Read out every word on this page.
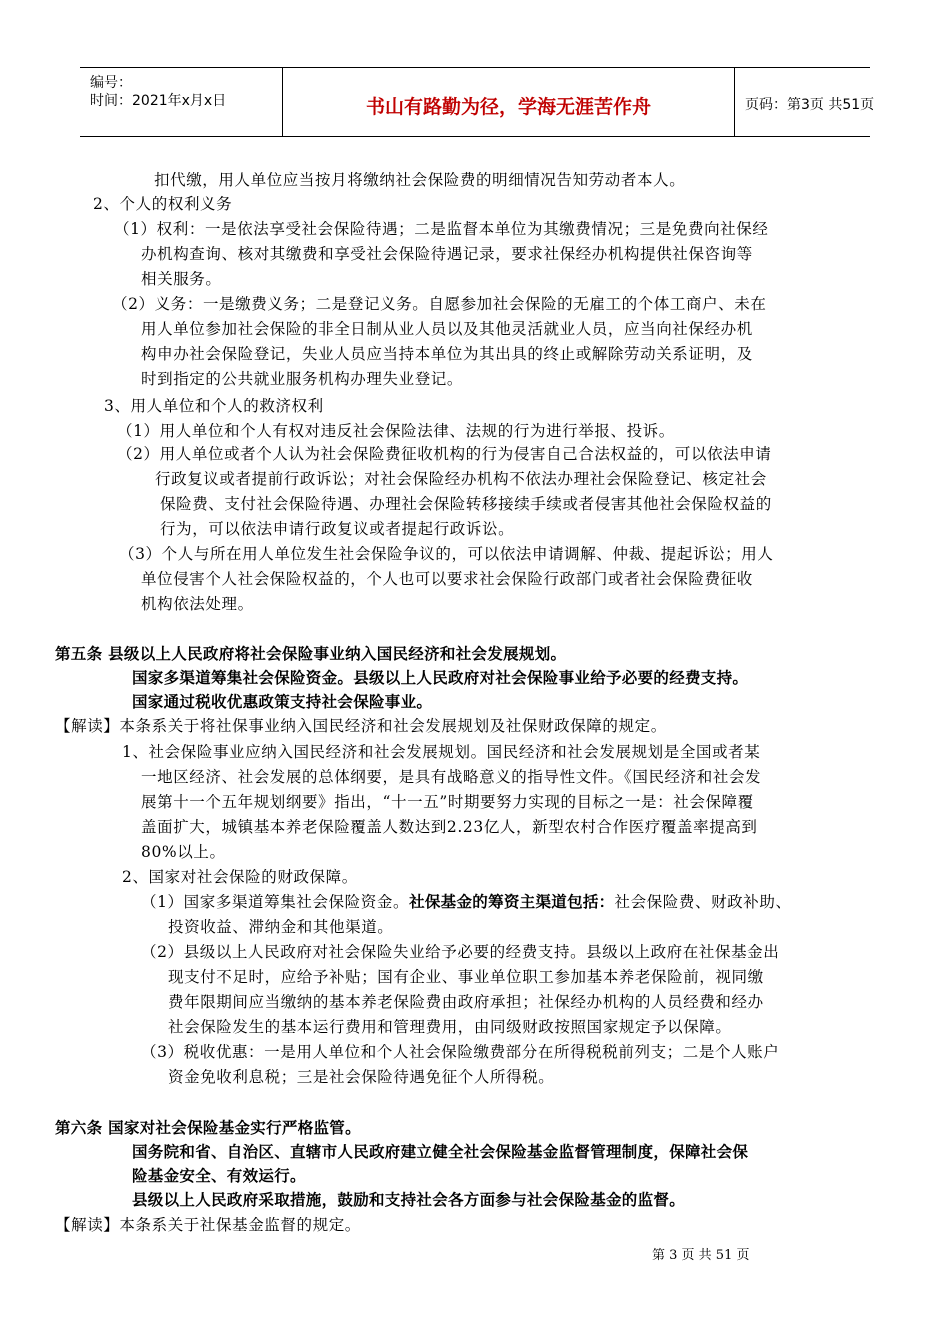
编号：
时间：2021年x月x日	书山有路勤为径，学海无涯苦作舟	页码：第3页 共51页
扣代缴，用人单位应当按月将缴纳社会保险费的明细情况告知劳动者本人。
2、个人的权利义务
（1）权利：一是依法享受社会保险待遇；二是监督本单位为其缴费情况；三是免费向社保经
办机构查询、核对其缴费和享受社会保险待遇记录，要求社保经办机构提供社保咨询等
相关服务。
（2）义务：一是缴费义务；二是登记义务。自愿参加社会保险的无雇工的个体工商户、未在
用人单位参加社会保险的非全日制从业人员以及其他灵活就业人员，应当向社保经办机
构申办社会保险登记，失业人员应当持本单位为其出具的终止或解除劳动关系证明，及
时到指定的公共就业服务机构办理失业登记。
3、用人单位和个人的救济权利
（1）用人单位和个人有权对违反社会保险法律、法规的行为进行举报、投诉。
（2）用人单位或者个人认为社会保险费征收机构的行为侵害自己合法权益的，可以依法申请
行政复议或者提前行政诉讼；对社会保险经办机构不依法办理社会保险登记、核定社会
保险费、支付社会保险待遇、办理社会保险转移接续手续或者侵害其他社会保险权益的
行为，可以依法申请行政复议或者提起行政诉讼。
（3）个人与所在用人单位发生社会保险争议的，可以依法申请调解、仲裁、提起诉讼；用人
单位侵害个人社会保险权益的，个人也可以要求社会保险行政部门或者社会保险费征收
机构依法处理。
第五条 县级以上人民政府将社会保险事业纳入国民经济和社会发展规划。
国家多渠道筹集社会保险资金。县级以上人民政府对社会保险事业给予必要的经费支持。
国家通过税收优惠政策支持社会保险事业。
【解读】本条系关于将社保事业纳入国民经济和社会发展规划及社保财政保障的规定。
1、社会保险事业应纳入国民经济和社会发展规划。国民经济和社会发展规划是全国或者某
一地区经济、社会发展的总体纲要，是具有战略意义的指导性文件。《国民经济和社会发
展第十一个五年规划纲要》指出，“十一五”时期要努力实现的目标之一是：社会保障覆
盖面扩大，城镇基本养老保险覆盖人数达到2.23亿人，新型农村合作医疗覆盖率提高到
80%以上。
2、国家对社会保险的财政保障。
（1）国家多渠道筹集社会保险资金。社保基金的筹资主渠道包括：社会保险费、财政补助、
投资收益、滞纳金和其他渠道。
（2）县级以上人民政府对社会保险失业给予必要的经费支持。县级以上政府在社保基金出
现支付不足时，应给予补贴；国有企业、事业单位职工参加基本养老保险前，视同缴
费年限期间应当缴纳的基本养老保险费由政府承担；社保经办机构的人员经费和经办
社会保险发生的基本运行费用和管理费用，由同级财政按照国家规定予以保障。
（3）税收优惠：一是用人单位和个人社会保险缴费部分在所得税税前列支；二是个人账户
资金免收利息税；三是社会保险待遇免征个人所得税。
第六条 国家对社会保险基金实行严格监管。
国务院和省、自治区、直辖市人民政府建立健全社会保险基金监督管理制度，保障社会保
险基金安全、有效运行。
县级以上人民政府采取措施，鼓励和支持社会各方面参与社会保险基金的监督。
【解读】本条系关于社保基金监督的规定。
第 3 页 共 51 页
